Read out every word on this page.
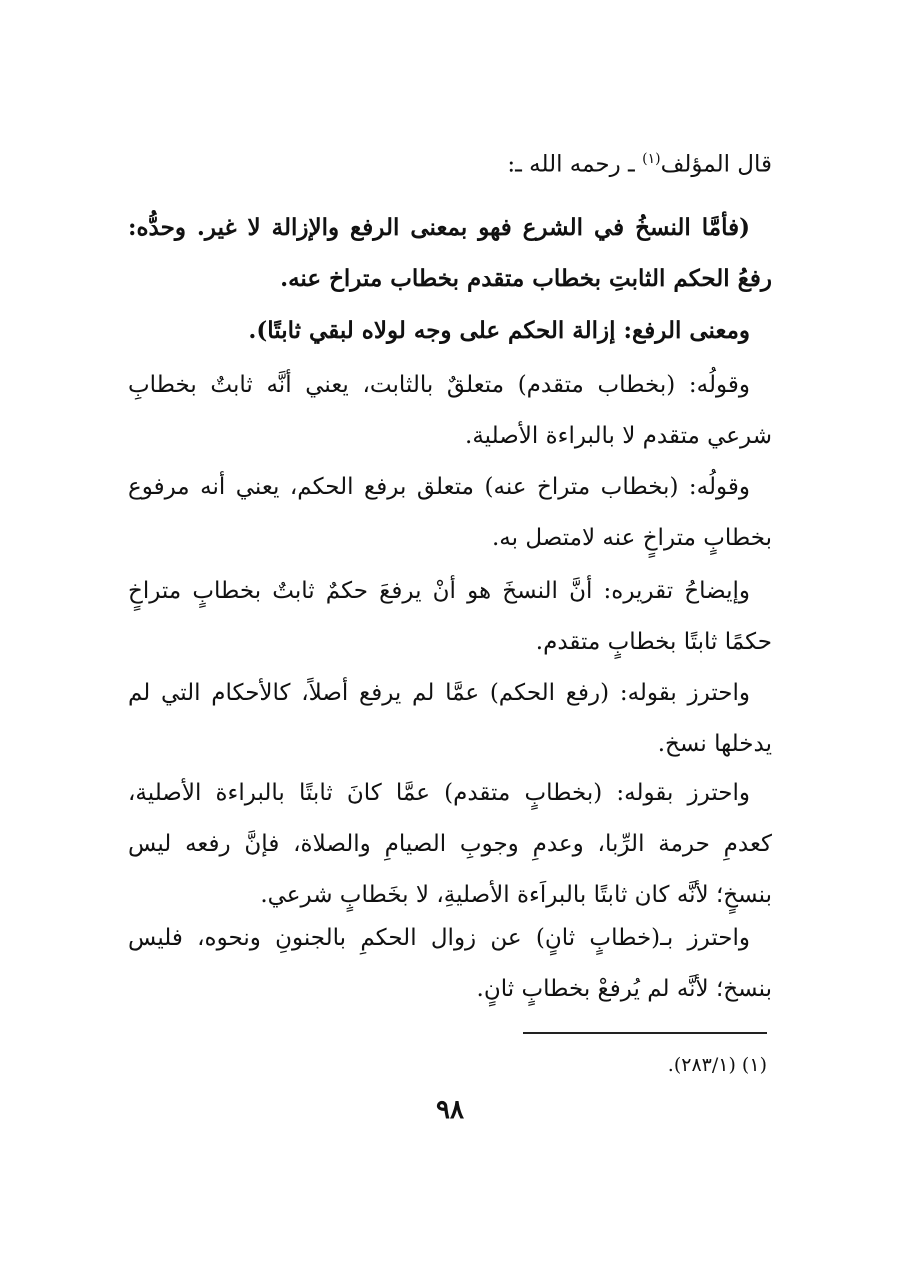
قال المؤلف$^{(١)}$ ـ رحمه الله ـ:

(فأمَّا النسخُ في الشرع فهو بمعنى الرفع والإزالة لا غير. وحدُّه: رفعُ الحكم الثابتِ بخطاب متقدم بخطاب متراخ عنه.

ومعنى الرفع: إزالة الحكم على وجه لولاه لبقي ثابتًا).

وقولُه: (بخطاب متقدم) متعلقٌ بالثابت، يعني أنَّه ثابتٌ بخطابِ شرعي متقدم لا بالبراءة الأصلية.

وقولُه: (بخطاب متراخ عنه) متعلق برفع الحكم، يعني أنه مرفوع بخطابٍ متراخٍ عنه لامتصل به.

وإيضاحُ تقريره: أنَّ النسخَ هو أنْ يرفعَ حكمٌ ثابتٌ بخطابٍ متراخٍ حكمًا ثابتًا بخطابٍ متقدم.

واحترز بقوله: (رفع الحكم) عمَّا لم يرفع أصلاً، كالأحكام التي لم يدخلها نسخ.

واحترز بقوله: (بخطابٍ متقدم) عمَّا كانَ ثابتًا بالبراءة الأصلية، كعدمِ حرمة الرِّبا، وعدمِ وجوبِ الصيامِ والصلاة، فإنَّ رفعه ليس بنسخٍ؛ لأنَّه كان ثابتًا بالبراَءة الأصليةِ، لا بخَطابٍ شرعي.

واحترز بـ(خطابٍ ثانٍ) عن زوال الحكمِ بالجنونِ ونحوه، فليس بنسخ؛ لأنَّه لم يُرفعْ بخطابٍ ثانٍ.

(١) (٢٨٣/١).

٩٨
